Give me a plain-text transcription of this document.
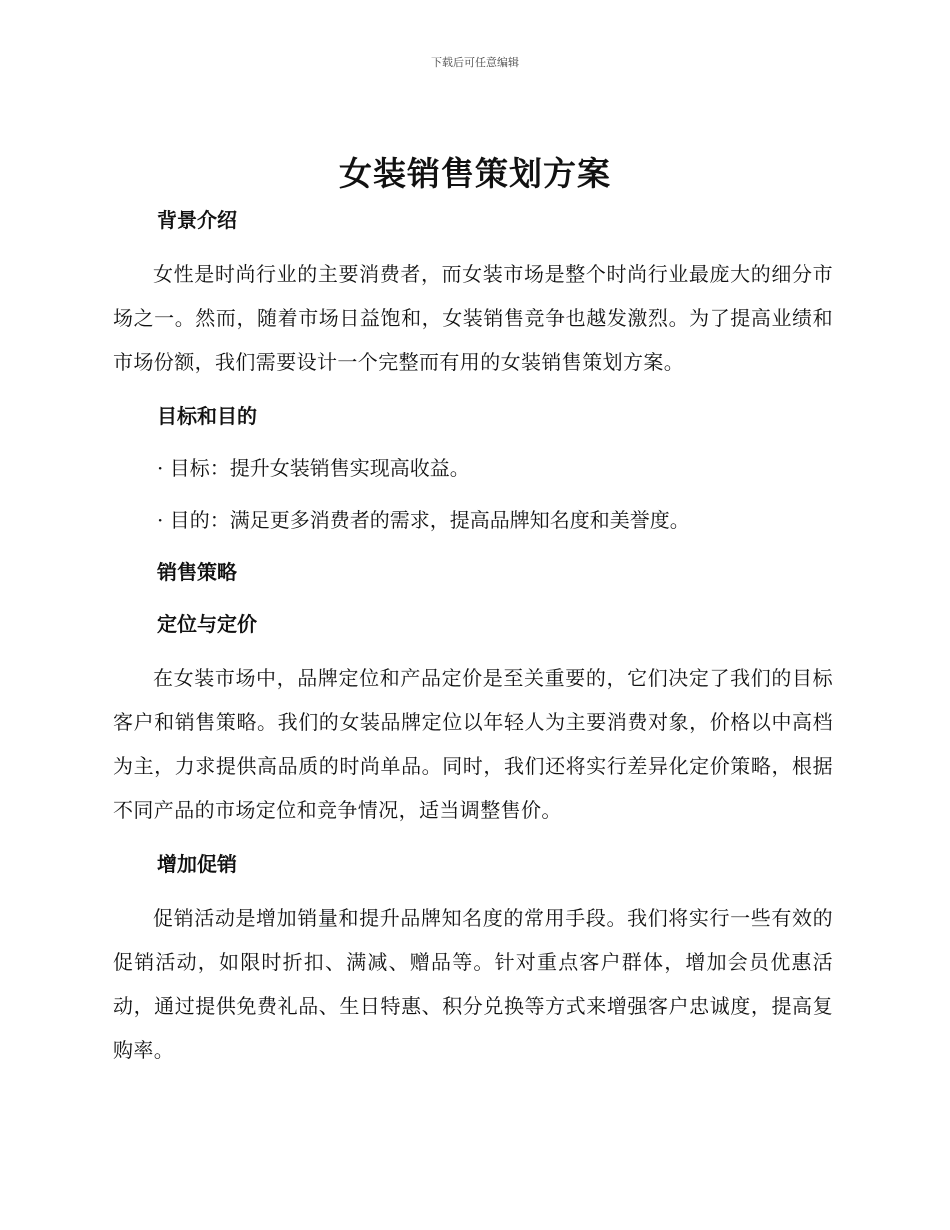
下载后可任意编辑
女装销售策划方案
背景介绍

女性是时尚行业的主要消费者，而女装市场是整个时尚行业最庞大的细分市场之一。然而，随着市场日益饱和，女装销售竞争也越发激烈。为了提高业绩和市场份额，我们需要设计一个完整而有用的女装销售策划方案。

目标和目的
· 目标：提升女装销售实现高收益。
· 目的：满足更多消费者的需求，提高品牌知名度和美誉度。
销售策略
定位与定价

在女装市场中，品牌定位和产品定价是至关重要的，它们决定了我们的目标客户和销售策略。我们的女装品牌定位以年轻人为主要消费对象，价格以中高档为主，力求提供高品质的时尚单品。同时，我们还将实行差异化定价策略，根据不同产品的市场定位和竞争情况，适当调整售价。

增加促销

促销活动是增加销量和提升品牌知名度的常用手段。我们将实行一些有效的促销活动，如限时折扣、满减、赠品等。针对重点客户群体，增加会员优惠活动，通过提供免费礼品、生日特惠、积分兑换等方式来增强客户忠诚度，提高复购率。
